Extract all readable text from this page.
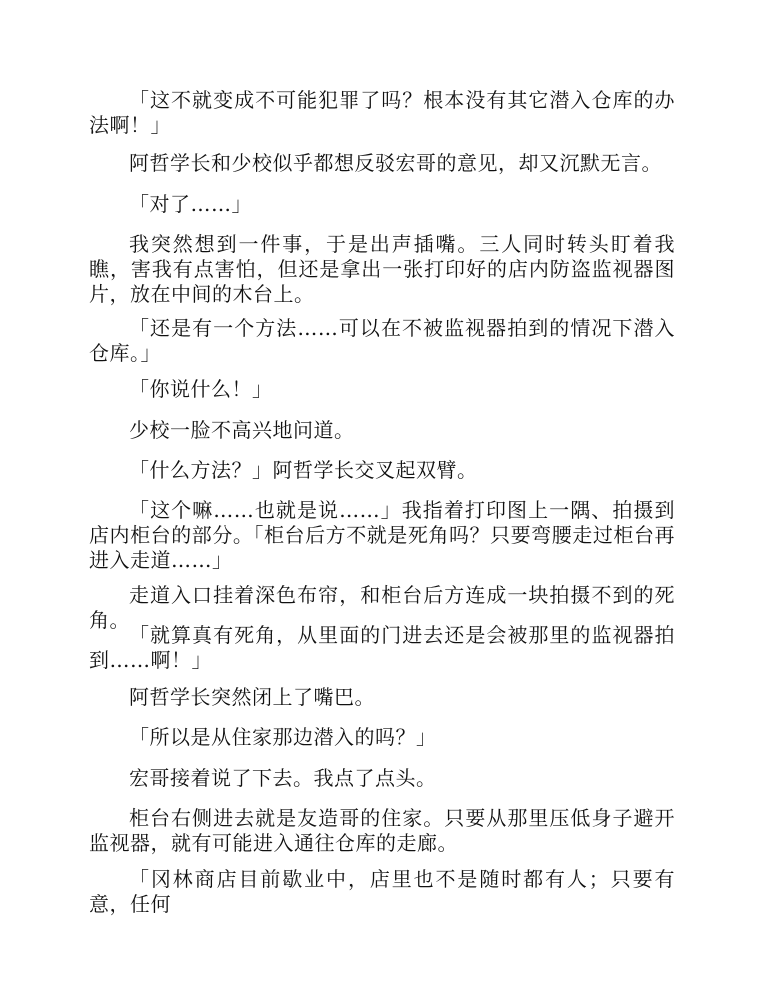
「这不就变成不可能犯罪了吗？根本没有其它潜入仓库的办法啊！」

阿哲学长和少校似乎都想反驳宏哥的意见，却又沉默无言。

「对了……」

我突然想到一件事，于是出声插嘴。三人同时转头盯着我瞧，害我有点害怕，但还是拿出一张打印好的店内防盗监视器图片，放在中间的木台上。

「还是有一个方法……可以在不被监视器拍到的情况下潜入仓库。」

「你说什么！」

少校一脸不高兴地问道。

「什么方法？」阿哲学长交叉起双臂。

「这个嘛……也就是说……」我指着打印图上一隅、拍摄到店内柜台的部分。「柜台后方不就是死角吗？只要弯腰走过柜台再进入走道……」

走道入口挂着深色布帘，和柜台后方连成一块拍摄不到的死角。

「就算真有死角，从里面的门进去还是会被那里的监视器拍到……啊！」

阿哲学长突然闭上了嘴巴。

「所以是从住家那边潜入的吗？」

宏哥接着说了下去。我点了点头。

柜台右侧进去就是友造哥的住家。只要从那里压低身子避开监视器，就有可能进入通往仓库的走廊。

「冈林商店目前歇业中，店里也不是随时都有人；只要有意，任何
